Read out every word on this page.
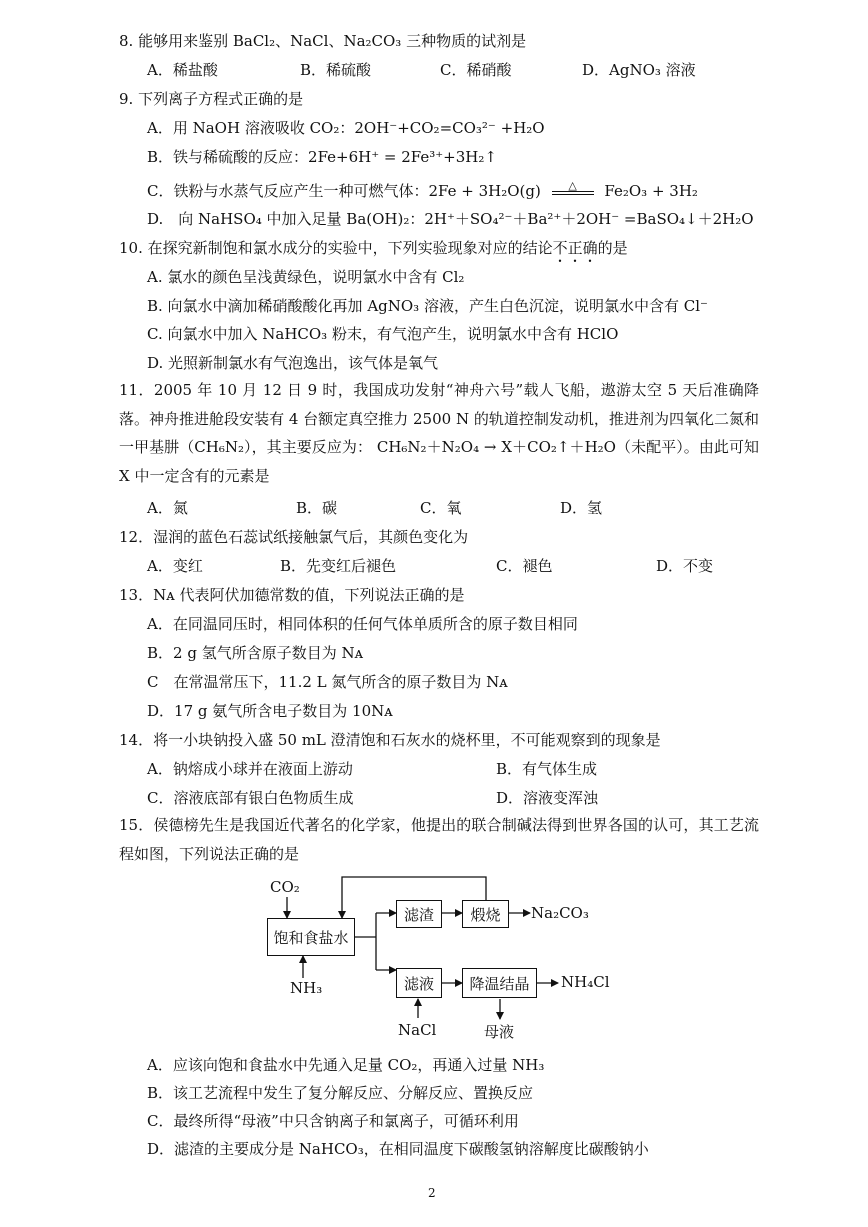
8. 能够用来鉴别 BaCl₂、NaCl、Na₂CO₃ 三种物质的试剂是
A．稀盐酸	B．稀硫酸	C．稀硝酸	D．AgNO₃ 溶液
9. 下列离子方程式正确的是
A．用 NaOH 溶液吸收 CO₂：2OH⁻+CO₂=CO₃²⁻ +H₂O
B．铁与稀硫酸的反应：2Fe+6H⁺ = 2Fe³⁺+3H₂↑
C．铁粉与水蒸气反应产生一种可燃气体：2Fe + 3H₂O(g)	△	Fe₂O₃ + 3H₂
D.　向 NaHSO₄ 中加入足量 Ba(OH)₂：2H⁺＋SO₄²⁻＋Ba²⁺＋2OH⁻ =BaSO₄↓＋2H₂O
10. 在探究新制饱和氯水成分的实验中，下列实验现象对应的结论不正确的是
A. 氯水的颜色呈浅黄绿色，说明氯水中含有 Cl₂
B. 向氯水中滴加稀硝酸酸化再加 AgNO₃ 溶液，产生白色沉淀，说明氯水中含有 Cl⁻
C. 向氯水中加入 NaHCO₃ 粉末，有气泡产生，说明氯水中含有 HClO
D. 光照新制氯水有气泡逸出，该气体是氧气
11．2005 年 10 月 12 日 9 时，我国成功发射“神舟六号”载人飞船，遨游太空 5 天后准确降落。神舟推进舱段安装有 4 台额定真空推力 2500 N 的轨道控制发动机，推进剂为四氧化二氮和一甲基肼（CH₆N₂），其主要反应为： CH₆N₂＋N₂O₄ → X＋CO₂↑＋H₂O（未配平）。由此可知 X 中一定含有的元素是
A．氮	B．碳	C．氧	D．氢
12．湿润的蓝色石蕊试纸接触氯气后，其颜色变化为
A．变红	B．先变红后褪色	C．褪色	D．不变
13．Nᴀ 代表阿伏加德常数的值，下列说法正确的是
A．在同温同压时，相同体积的任何气体单质所含的原子数目相同
B．2 g 氢气所含原子数目为 Nᴀ
C　在常温常压下，11.2 L 氮气所含的原子数目为 Nᴀ
D．17 g 氨气所含电子数目为 10Nᴀ
14．将一小块钠投入盛 50 mL 澄清饱和石灰水的烧杯里，不可能观察到的现象是
A．钠熔成小球并在液面上游动	B．有气体生成
C．溶液底部有银白色物质生成	D．溶液变浑浊
15．侯德榜先生是我国近代著名的化学家，他提出的联合制碱法得到世界各国的认可，其工艺流程如图，下列说法正确的是
CO₂
饱和食盐水
NH₃
滤渣 煅烧 Na₂CO₃
滤液 降温结晶 NH₄Cl
NaCl	母液
A．应该向饱和食盐水中先通入足量 CO₂，再通入过量 NH₃
B．该工艺流程中发生了复分解反应、分解反应、置换反应
C．最终所得“母液”中只含钠离子和氯离子，可循环利用
D．滤渣的主要成分是 NaHCO₃，在相同温度下碳酸氢钠溶解度比碳酸钠小
2
